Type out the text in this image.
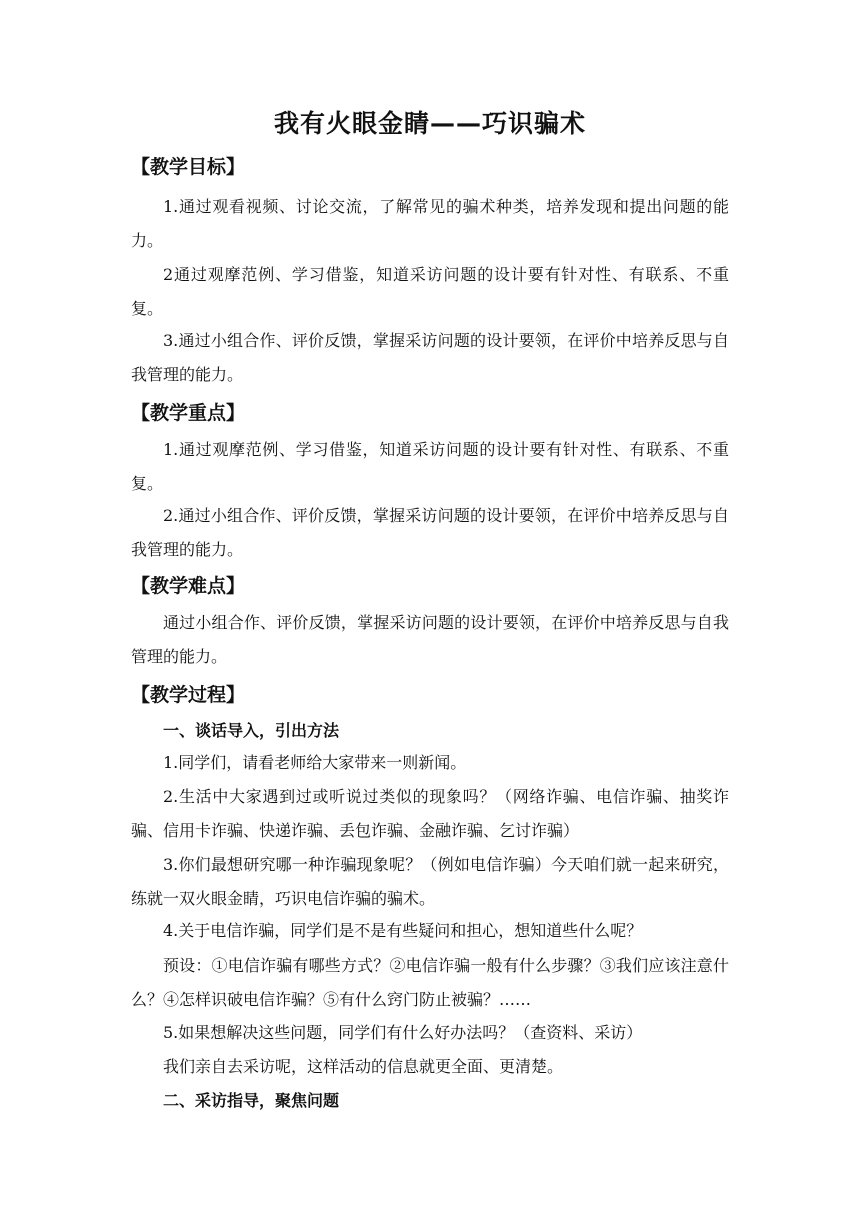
我有火眼金睛——巧识骗术
【教学目标】
1.通过观看视频、讨论交流，了解常见的骗术种类，培养发现和提出问题的能力。
2通过观摩范例、学习借鉴，知道采访问题的设计要有针对性、有联系、不重复。
3.通过小组合作、评价反馈，掌握采访问题的设计要领，在评价中培养反思与自我管理的能力。
【教学重点】
1.通过观摩范例、学习借鉴，知道采访问题的设计要有针对性、有联系、不重复。
2.通过小组合作、评价反馈，掌握采访问题的设计要领，在评价中培养反思与自我管理的能力。
【教学难点】
通过小组合作、评价反馈，掌握采访问题的设计要领，在评价中培养反思与自我管理的能力。
【教学过程】
一、谈话导入，引出方法
1.同学们，请看老师给大家带来一则新闻。
2.生活中大家遇到过或听说过类似的现象吗？（网络诈骗、电信诈骗、抽奖诈骗、信用卡诈骗、快递诈骗、丢包诈骗、金融诈骗、乞讨诈骗）
3.你们最想研究哪一种诈骗现象呢？（例如电信诈骗）今天咱们就一起来研究，练就一双火眼金睛，巧识电信诈骗的骗术。
4.关于电信诈骗，同学们是不是有些疑问和担心，想知道些什么呢？
预设：①电信诈骗有哪些方式？②电信诈骗一般有什么步骤？③我们应该注意什么？④怎样识破电信诈骗？⑤有什么窍门防止被骗？……
5.如果想解决这些问题，同学们有什么好办法吗？（查资料、采访）
我们亲自去采访呢，这样活动的信息就更全面、更清楚。
二、采访指导，聚焦问题
